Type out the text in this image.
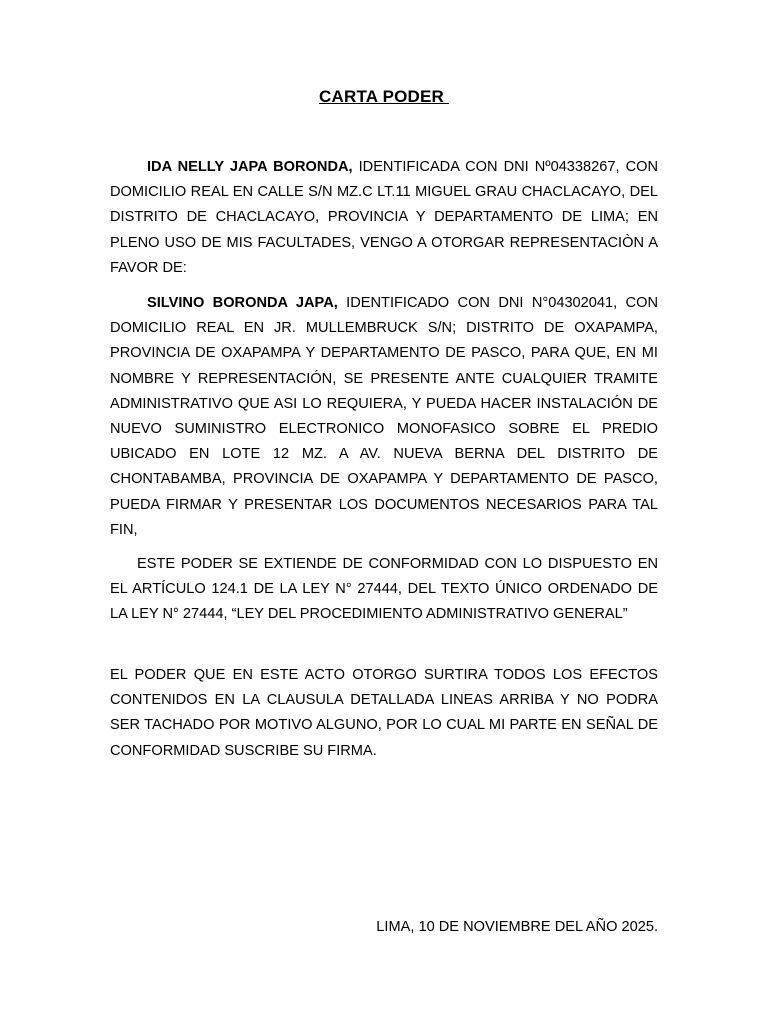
CARTA PODER

IDA NELLY JAPA BORONDA, IDENTIFICADA CON DNI Nº04338267, CON DOMICILIO REAL EN CALLE S/N MZ.C LT.11 MIGUEL GRAU CHACLACAYO, DEL DISTRITO DE CHACLACAYO, PROVINCIA Y DEPARTAMENTO DE LIMA; EN PLENO USO DE MIS FACULTADES, VENGO A OTORGAR REPRESENTACIÒN A FAVOR DE:

SILVINO BORONDA JAPA, IDENTIFICADO CON DNI N°04302041, CON DOMICILIO REAL EN JR. MULLEMBRUCK S/N; DISTRITO DE OXAPAMPA, PROVINCIA DE OXAPAMPA Y DEPARTAMENTO DE PASCO, PARA QUE, EN MI NOMBRE Y REPRESENTACIÓN, SE PRESENTE ANTE CUALQUIER TRAMITE ADMINISTRATIVO QUE ASI LO REQUIERA, Y PUEDA HACER INSTALACIÓN DE NUEVO SUMINISTRO ELECTRONICO MONOFASICO SOBRE EL PREDIO UBICADO EN LOTE 12 MZ. A AV. NUEVA BERNA DEL DISTRITO DE CHONTABAMBA, PROVINCIA DE OXAPAMPA Y DEPARTAMENTO DE PASCO, PUEDA FIRMAR Y PRESENTAR LOS DOCUMENTOS NECESARIOS PARA TAL FIN,

ESTE PODER SE EXTIENDE DE CONFORMIDAD CON LO DISPUESTO EN EL ARTÍCULO 124.1 DE LA LEY N° 27444, DEL TEXTO ÚNICO ORDENADO DE LA LEY N° 27444, “LEY DEL PROCEDIMIENTO ADMINISTRATIVO GENERAL”

EL PODER QUE EN ESTE ACTO OTORGO SURTIRA TODOS LOS EFECTOS CONTENIDOS EN LA CLAUSULA DETALLADA LINEAS ARRIBA Y NO PODRA SER TACHADO POR MOTIVO ALGUNO, POR LO CUAL MI PARTE EN SEÑAL DE CONFORMIDAD SUSCRIBE SU FIRMA.

LIMA, 10 DE NOVIEMBRE DEL AÑO 2025.
